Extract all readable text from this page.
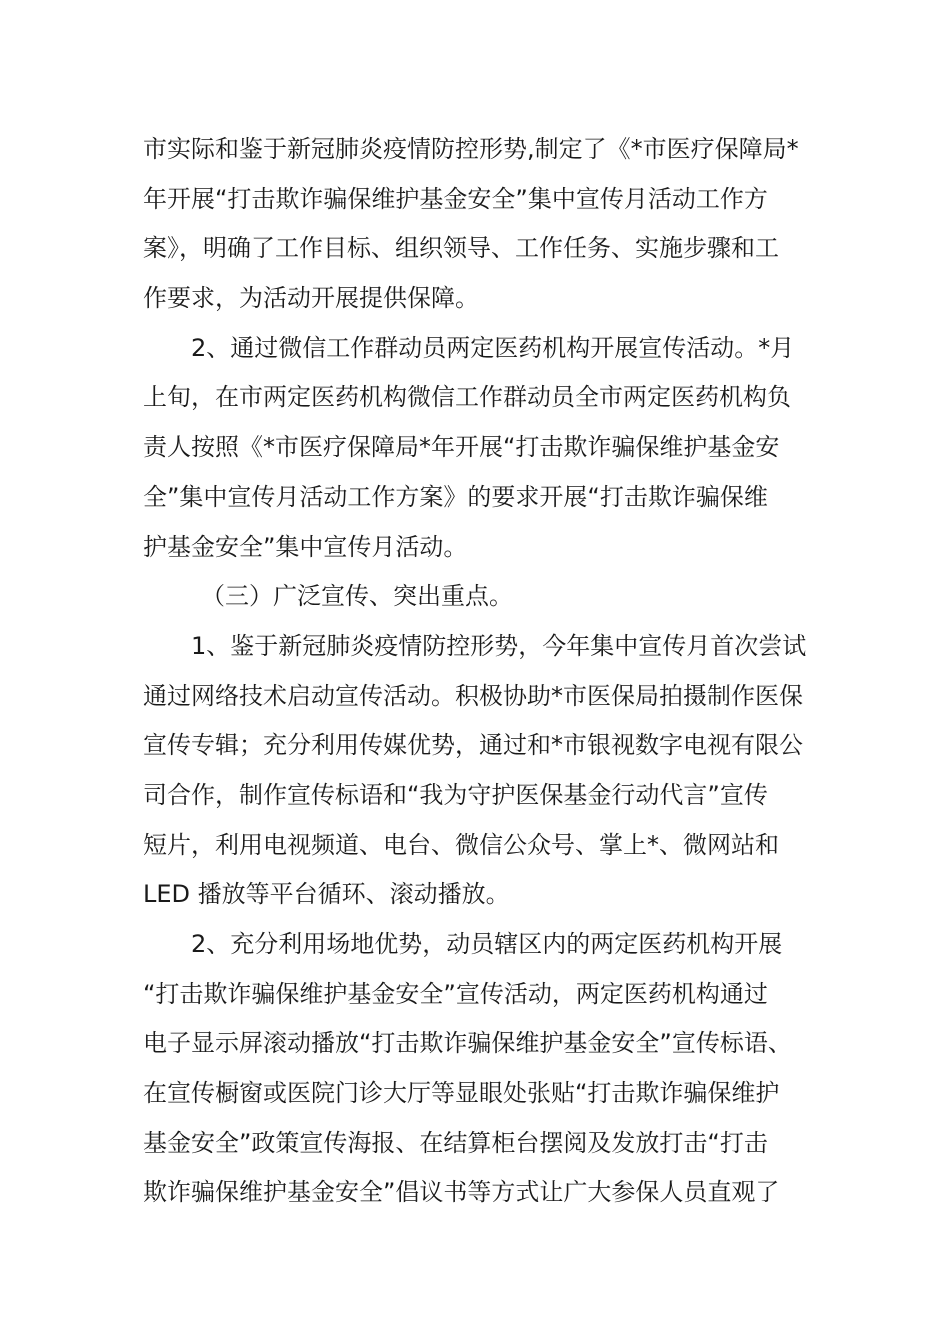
市实际和鉴于新冠肺炎疫情防控形势,制定了《*市医疗保障局*
年开展“打击欺诈骗保维护基金安全”集中宣传月活动工作方
案》，明确了工作目标、组织领导、工作任务、实施步骤和工
作要求，为活动开展提供保障。
2、通过微信工作群动员两定医药机构开展宣传活动。*月
上旬，在市两定医药机构微信工作群动员全市两定医药机构负
责人按照《*市医疗保障局*年开展“打击欺诈骗保维护基金安
全”集中宣传月活动工作方案》的要求开展“打击欺诈骗保维
护基金安全”集中宣传月活动。
（三）广泛宣传、突出重点。
1、鉴于新冠肺炎疫情防控形势，今年集中宣传月首次尝试
通过网络技术启动宣传活动。积极协助*市医保局拍摄制作医保
宣传专辑；充分利用传媒优势，通过和*市银视数字电视有限公
司合作，制作宣传标语和“我为守护医保基金行动代言”宣传
短片，利用电视频道、电台、微信公众号、掌上*、微网站和
LED 播放等平台循环、滚动播放。
2、充分利用场地优势，动员辖区内的两定医药机构开展
“打击欺诈骗保维护基金安全”宣传活动，两定医药机构通过
电子显示屏滚动播放“打击欺诈骗保维护基金安全”宣传标语、
在宣传橱窗或医院门诊大厅等显眼处张贴“打击欺诈骗保维护
基金安全”政策宣传海报、在结算柜台摆阅及发放打击“打击
欺诈骗保维护基金安全”倡议书等方式让广大参保人员直观了
